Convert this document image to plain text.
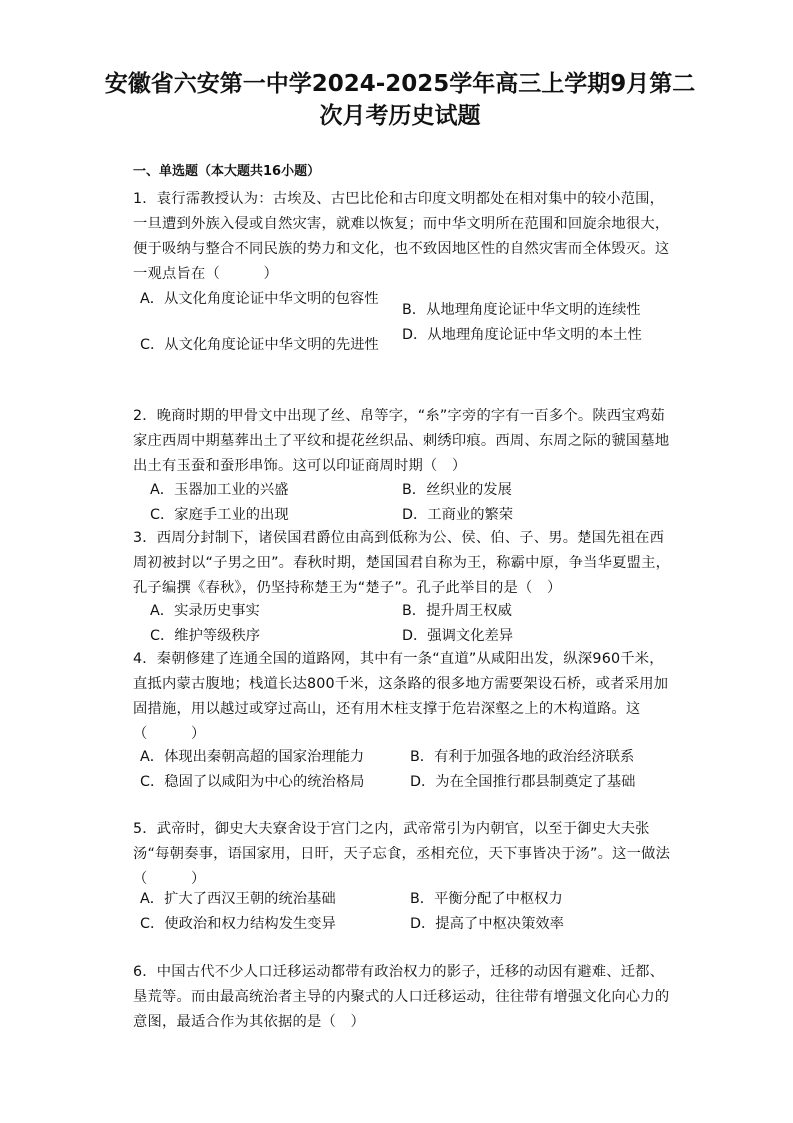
安徽省六安第一中学2024-2025学年高三上学期9月第二
次月考历史试题
一、单选题（本大题共16小题）
1．袁行霈教授认为：古埃及、古巴比伦和古印度文明都处在相对集中的较小范围，一旦遭到外族入侵或自然灾害，就难以恢复；而中华文明所在范围和回旋余地很大，便于吸纳与整合不同民族的势力和文化，也不致因地区性的自然灾害而全体毁灭。这一观点旨在（　　　）
A．从文化角度论证中华文明的包容性
B．从地理角度论证中华文明的连续性
C．从文化角度论证中华文明的先进性
D．从地理角度论证中华文明的本土性
2．晚商时期的甲骨文中出现了丝、帛等字，“糸”字旁的字有一百多个。陕西宝鸡茹家庄西周中期墓葬出土了平纹和提花丝织品、刺绣印痕。西周、东周之际的虢国墓地出土有玉蚕和蚕形串饰。这可以印证商周时期（　）
A．玉器加工业的兴盛	B．丝织业的发展
C．家庭手工业的出现	D．工商业的繁荣
3．西周分封制下，诸侯国君爵位由高到低称为公、侯、伯、子、男。楚国先祖在西周初被封以“子男之田”。春秋时期，楚国国君自称为王，称霸中原，争当华夏盟主，孔子编撰《春秋》，仍坚持称楚王为“楚子”。孔子此举目的是（　）
A．实录历史事实	B．提升周王权威
C．维护等级秩序	D．强调文化差异
4．秦朝修建了连通全国的道路网，其中有一条“直道”从咸阳出发，纵深960千米，直抵内蒙古腹地；栈道长达800千米，这条路的很多地方需要架设石桥，或者采用加固措施，用以越过或穿过高山，还有用木柱支撑于危岩深壑之上的木构道路。这（　　　）
A．体现出秦朝高超的国家治理能力	B．有利于加强各地的政治经济联系
C．稳固了以咸阳为中心的统治格局	D．为在全国推行郡县制奠定了基础
5．武帝时，御史大夫寮舍设于宫门之内，武帝常引为内朝官，以至于御史大夫张汤“每朝奏事，语国家用，日旰，天子忘食，丞相充位，天下事皆决于汤”。这一做法（　　　）
A．扩大了西汉王朝的统治基础	B．平衡分配了中枢权力
C．使政治和权力结构发生变异	D．提高了中枢决策效率
6．中国古代不少人口迁移运动都带有政治权力的影子，迁移的动因有避难、迁都、垦荒等。而由最高统治者主导的内聚式的人口迁移运动，往往带有增强文化向心力的意图，最适合作为其依据的是（　）
